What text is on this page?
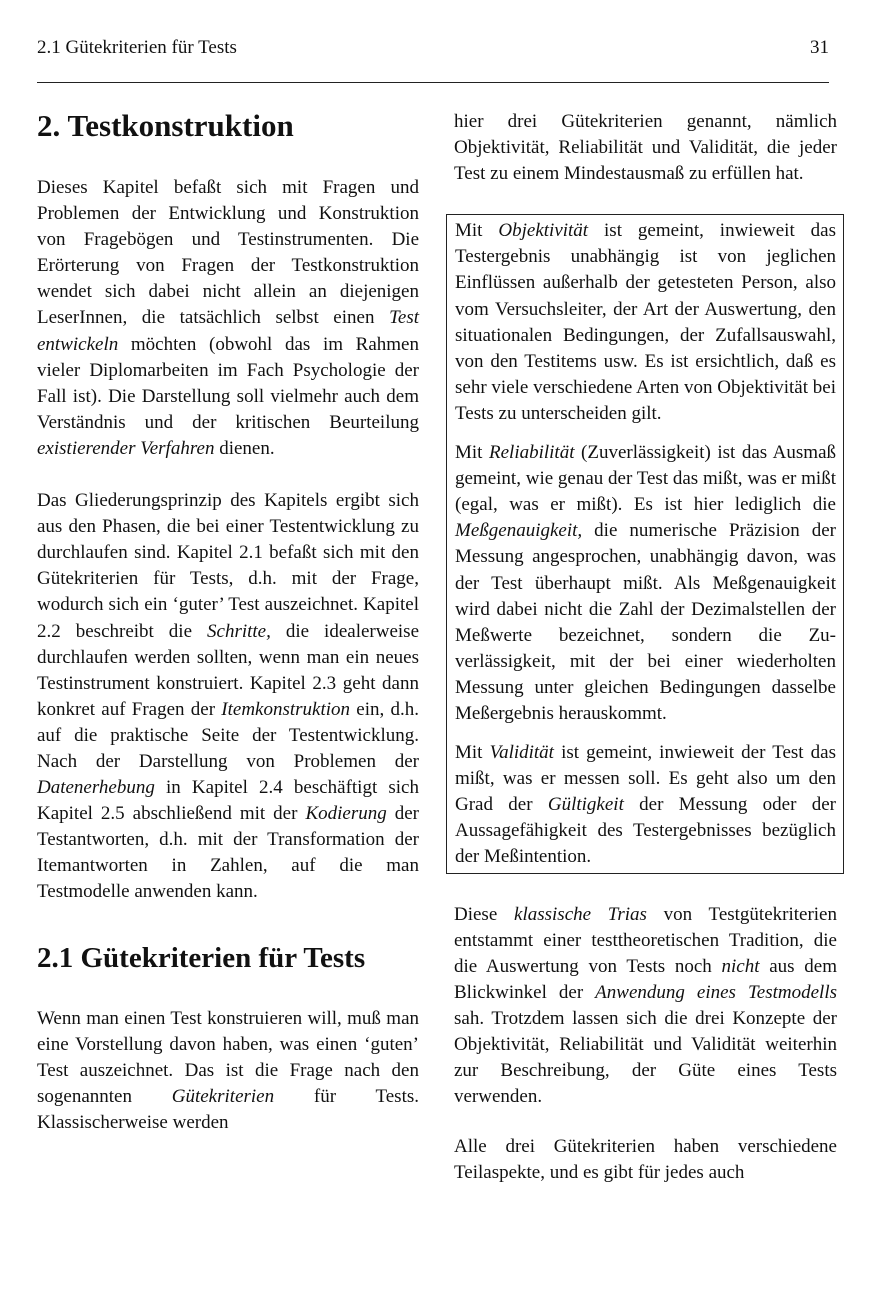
2.1 Gütekriterien für Tests	31
2. Testkonstruktion

Dieses Kapitel befaßt sich mit Fragen und Problemen der Entwicklung und Konstruktion von Fragebögen und Testinstrumenten. Die Erörterung von Fragen der Testkonstruktion wendet sich dabei nicht allein an diejenigen LeserInnen, die tatsächlich selbst einen Test entwickeln möchten (obwohl das im Rahmen vieler Diplomarbeiten im Fach Psychologie der Fall ist). Die Darstellung soll vielmehr auch dem Verständnis und der kritischen Beurteilung existierender Verfahren dienen.

Das Gliederungsprinzip des Kapitels ergibt sich aus den Phasen, die bei einer Testentwicklung zu durchlaufen sind. Kapitel 2.1 befaßt sich mit den Gütekriterien für Tests, d.h. mit der Frage, wodurch sich ein ‘guter’ Test auszeichnet. Kapitel 2.2 beschreibt die Schritte, die idealerweise durchlaufen werden sollten, wenn man ein neues Testinstrument konstruiert. Kapitel 2.3 geht dann konkret auf Fragen der Itemkonstruktion ein, d.h. auf die praktische Seite der Testentwicklung. Nach der Darstellung von Problemen der Datenerhebung in Kapitel 2.4 beschäftigt sich Kapitel 2.5 abschließend mit der Kodierung der Testantworten, d.h. mit der Transformation der Itemantworten in Zahlen, auf die man Testmodelle anwenden kann.

2.1 Gütekriterien für Tests

Wenn man einen Test konstruieren will, muß man eine Vorstellung davon haben, was einen ‘guten’ Test auszeichnet. Das ist die Frage nach den sogenannten Gütekriterien für Tests. Klassischerweise werden

hier drei Gütekriterien genannt, nämlich Objektivität, Reliabilität und Validität, die jeder Test zu einem Mindestausmaß zu erfüllen hat.

Mit Objektivität ist gemeint, inwieweit das Testergebnis unabhängig ist von jeglichen Einflüssen außerhalb der getesteten Person, also vom Versuchsleiter, der Art der Auswertung, den situationalen Bedingungen, der Zufallsauswahl, von den Testitems usw. Es ist ersichtlich, daß es sehr viele verschiedene Arten von Objektivität bei Tests zu unterscheiden gilt.

Mit Reliabilität (Zuverlässigkeit) ist das Ausmaß gemeint, wie genau der Test das mißt, was er mißt (egal, was er mißt). Es ist hier lediglich die Meßgenauigkeit, die numerische Präzision der Messung angesprochen, unabhängig davon, was der Test überhaupt mißt. Als Meßgenauigkeit wird dabei nicht die Zahl der Dezimalstellen der Meßwerte bezeichnet, sondern die Zuverlässigkeit, mit der bei einer wiederholten Messung unter gleichen Bedingungen dasselbe Meßergebnis herauskommt.

Mit Validität ist gemeint, inwieweit der Test das mißt, was er messen soll. Es geht also um den Grad der Gültigkeit der Messung oder der Aussagefähigkeit des Testergebnisses bezüglich der Meßintention.

Diese klassische Trias von Testgütekriterien entstammt einer testtheoretischen Tradition, die die Auswertung von Tests noch nicht aus dem Blickwinkel der Anwendung eines Testmodells sah. Trotzdem lassen sich die drei Konzepte der Objektivität, Reliabilität und Validität weiterhin zur Beschreibung, der Güte eines Tests verwenden.

Alle drei Gütekriterien haben verschiedene Teilaspekte, und es gibt für jedes auch
